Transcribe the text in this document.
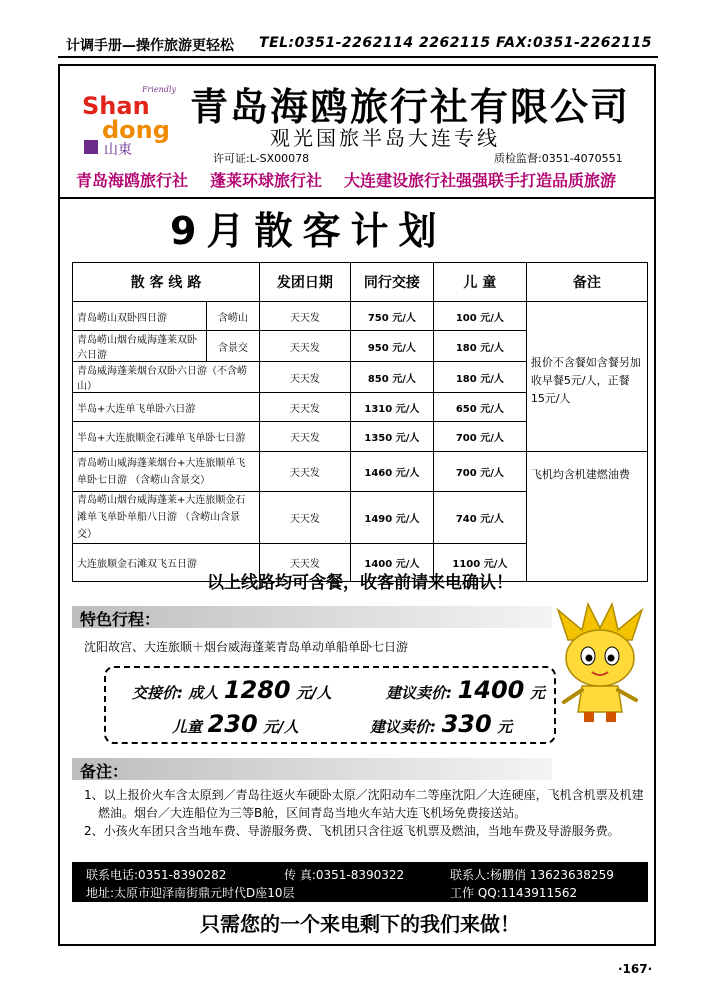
计调手册—操作旅游更轻松 TEL:0351-2262114 2262115 FAX:0351-2262115
Friendly
Shan
dong
山東
青岛海鸥旅行社有限公司
观光国旅半岛大连专线
许可证:L-SX00078	质检监督:0351-4070551
青岛海鸥旅行社 蓬莱环球旅行社 大连建设旅行社强强联手打造品质旅游
9月散客计划
散 客 线 路		发团日期	同行交接	儿 童	备注
青岛崂山双卧四日游	含崂山	天天发	750 元/人	100 元/人	报价不含餐如含餐另加收早餐5元/人，正餐15元/人

青岛崂山烟台威海蓬莱双卧六日游	含景交	天天发	950 元/人	180 元/人	
青岛威海蓬莱烟台双卧六日游（不含崂山）		天天发	850 元/人	180 元/人	
半岛+大连单飞单卧六日游		天天发	1310 元/人	650 元/人	
半岛+大连旅顺金石滩单飞单卧七日游		天天发	1350 元/人	700 元/人	
青岛崂山威海蓬莱烟台+大连旅顺单飞单卧七日游 （含崂山含景交）		天天发	1460 元/人	700 元/人	飞机均含机建燃油费

青岛崂山烟台威海蓬莱+大连旅顺金石滩单飞单卧单船八日游 （含崂山含景交）		天天发	1490 元/人	740 元/人	
大连旅顺金石滩双飞五日游		天天发	1400 元/人	1100 元/人	
以上线路均可含餐，收客前请来电确认！
特色行程：
沈阳故宫、大连旅顺＋烟台威海蓬莱青岛单动单船单卧七日游
交接价: 成人 1280 元/人	建议卖价: 1400 元
儿童 230 元/人	建议卖价: 330 元
备注：

1、以上报价火车含太原到／青岛往返火车硬卧太原／沈阳动车二等座沈阳／大连硬座，飞机含机票及机建燃油。烟台／大连船位为三等B舱，区间青岛当地火车站大连飞机场免费接送站。

2、小孩火车团只含当地车费、导游服务费、飞机团只含往返飞机票及燃油，当地车费及导游服务费。

联系电话:0351-8390282	传 真:0351-8390322	联系人:杨鹏俏 13623638259
地址:太原市迎泽南街鼎元时代D座10层	工作 QQ:1143911562
只需您的一个来电剩下的我们来做！
·167·
